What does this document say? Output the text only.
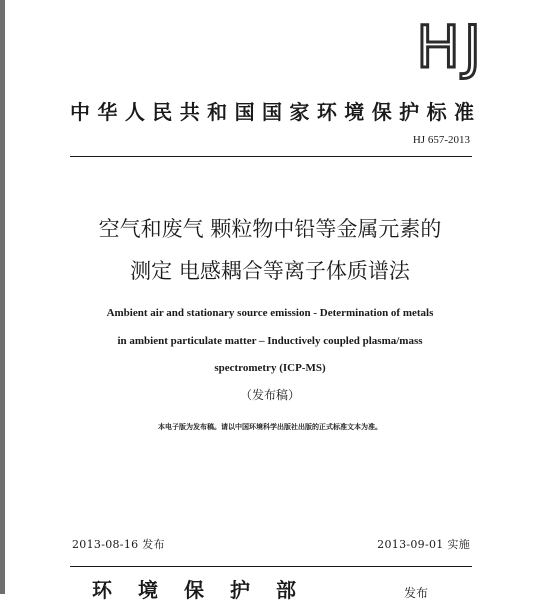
HJ
中华人民共和国国家环境保护标准
HJ 657-2013
空气和废气 颗粒物中铅等金属元素的
测定 电感耦合等离子体质谱法
Ambient air and stationary source emission - Determination of metals
in ambient particulate matter – Inductively coupled plasma/mass
spectrometry (ICP-MS)
（发布稿）
本电子版为发布稿。请以中国环境科学出版社出版的正式标准文本为准。
2013-08-16 发布	2013-09-01 实施
环境保护部	发布
